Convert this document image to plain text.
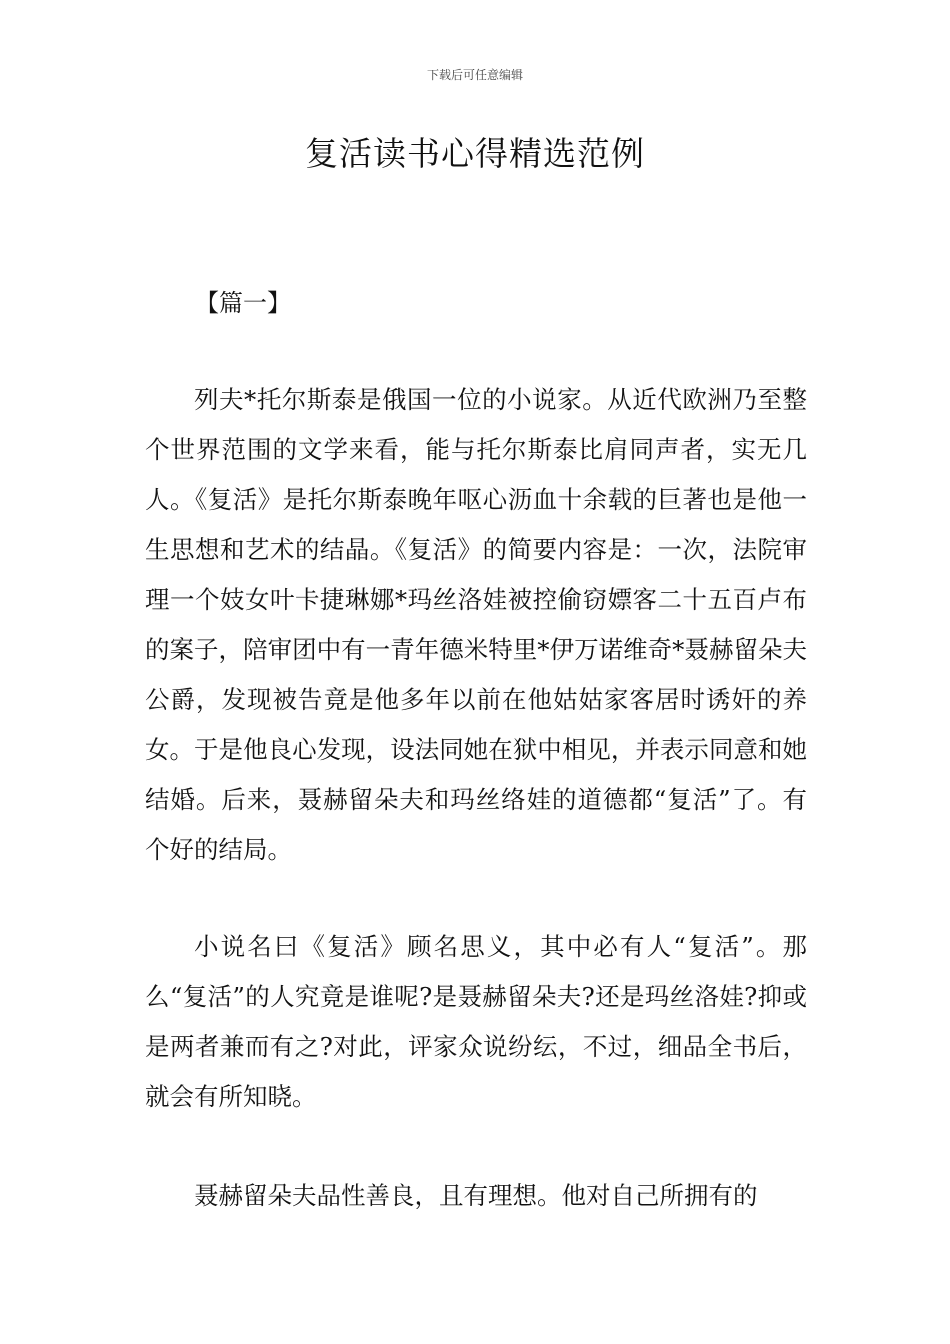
下载后可任意编辑
复活读书心得精选范例
【篇一】

列夫*托尔斯泰是俄国一位的小说家。从近代欧洲乃至整个世界范围的文学来看，能与托尔斯泰比肩同声者，实无几人。《复活》是托尔斯泰晚年呕心沥血十余载的巨著也是他一生思想和艺术的结晶。《复活》的简要内容是：一次，法院审理一个妓女叶卡捷琳娜*玛丝洛娃被控偷窃嫖客二十五百卢布的案子，陪审团中有一青年德米特里*伊万诺维奇*聂赫留朵夫公爵，发现被告竟是他多年以前在他姑姑家客居时诱奸的养女。于是他良心发现，设法同她在狱中相见，并表示同意和她结婚。后来，聂赫留朵夫和玛丝络娃的道德都“复活”了。有个好的结局。

小说名曰《复活》顾名思义，其中必有人“复活”。那么“复活”的人究竟是谁呢?是聂赫留朵夫?还是玛丝洛娃?抑或是两者兼而有之?对此，评家众说纷纭，不过，细品全书后，就会有所知晓。

聂赫留朵夫品性善良，且有理想。他对自己所拥有的
